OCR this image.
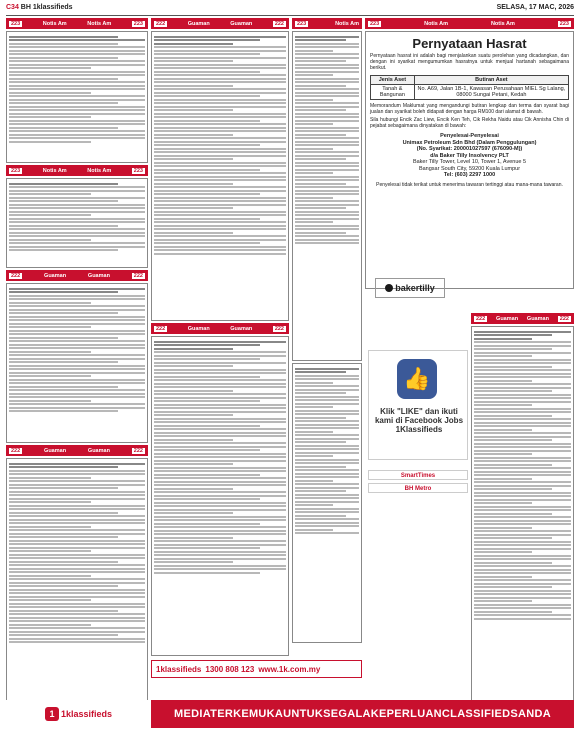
C34 BH 1klassifieds	SELASA, 17 MAC, 2026
223	Notis Am	Notis Am	223
223	Notis Am	Notis Am	223
222	Guaman	Guaman	222
222	Guaman	Guaman	222
222	Guaman	Guaman	222
222	Guaman	Guaman	222
223	Notis Am	223	Notis Am	Notis Am	223
Pernyataan Hasrat
Pernyataan hasrat ini adalah bagi menjalankan suatu perolehan yang dicadangkan, dan dengan ini syarikat mengumumkan hasratnya untuk menjual hartanah sebagaimana berikut.
Jenis Aset	Butiran Aset
Tanah & Bangunan	No. A69, Jalan 1B-1, Kawasan Perusahaan MIEL Sg Lalang, 08000 Sungai Petani, Kedah
Memorandum Maklumat yang mengandungi butiran lengkap dan terma dan syarat bagi jualan dan syarikat boleh didapati dengan harga RM100 dari alamat di bawah.
Sila hubungi Encik Zac Liew, Encik Ken Teh, Cik Rekha Naidu atau Cik Annisha Chin di pejabat sebagaimana dinyatakan di bawah:
Penyelesai-Penyelesai
Unimax Petroleum Sdn Bhd (Dalam Penggulungan)
(No. Syarikat: 200001027597 (676090-M))
d/a Baker Tilly Insolvency PLT
Baker Tilly Tower, Level 10, Tower 1, Avenue 5
Bangsar South City, 59200 Kuala Lumpur
Tel: (603) 2297 1000
Penyelesai tidak terikat untuk menerima tawaran tertinggi atau mana-mana tawaran.
222	Guaman Guaman	222
bakertilly
👍
Klik "LIKE" dan ikuti kami di Facebook Jobs 1Klassifieds
SmartTimes
BH Metro
1klassifieds 1300 808 123 www.1k.com.my
1 1klassifieds	MEDIATERKEMUKAUNTUKSEGALAKEPERLUANCLASSIFIEDSANDA
